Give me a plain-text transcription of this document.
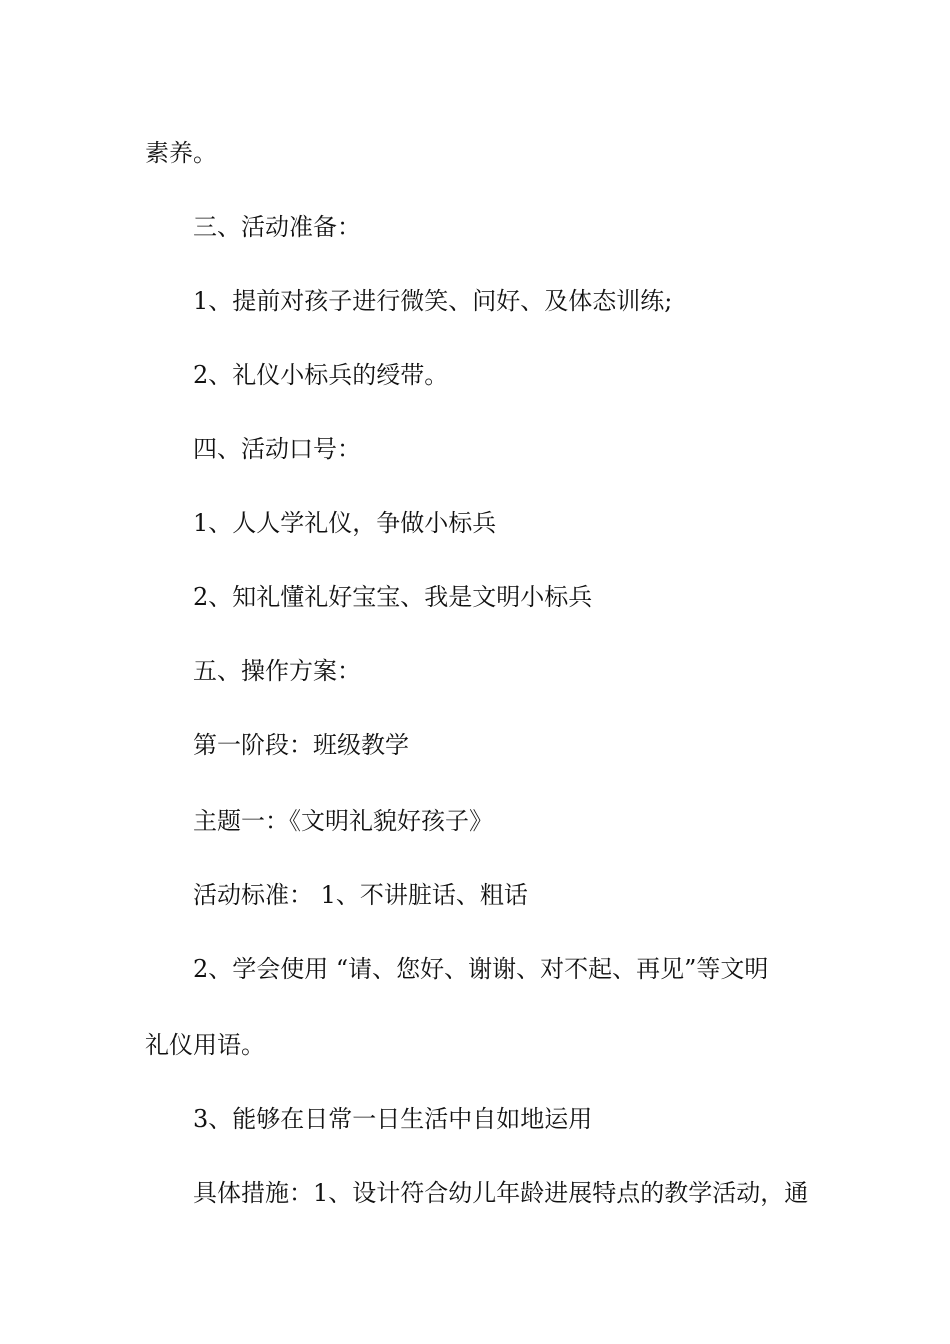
素养。
三、活动准备：
1、提前对孩子进行微笑、问好、及体态训练;
2、礼仪小标兵的绶带。
四、活动口号：
1、人人学礼仪，争做小标兵
2、知礼懂礼好宝宝、我是文明小标兵
五、操作方案：
第一阶段：班级教学
主题一：《文明礼貌好孩子》
活动标准： 1、不讲脏话、粗话
2、学会使用 “请、您好、谢谢、对不起、再见”等文明
礼仪用语。
3、能够在日常一日生活中自如地运用
具体措施：1、设计符合幼儿年龄进展特点的教学活动，通
